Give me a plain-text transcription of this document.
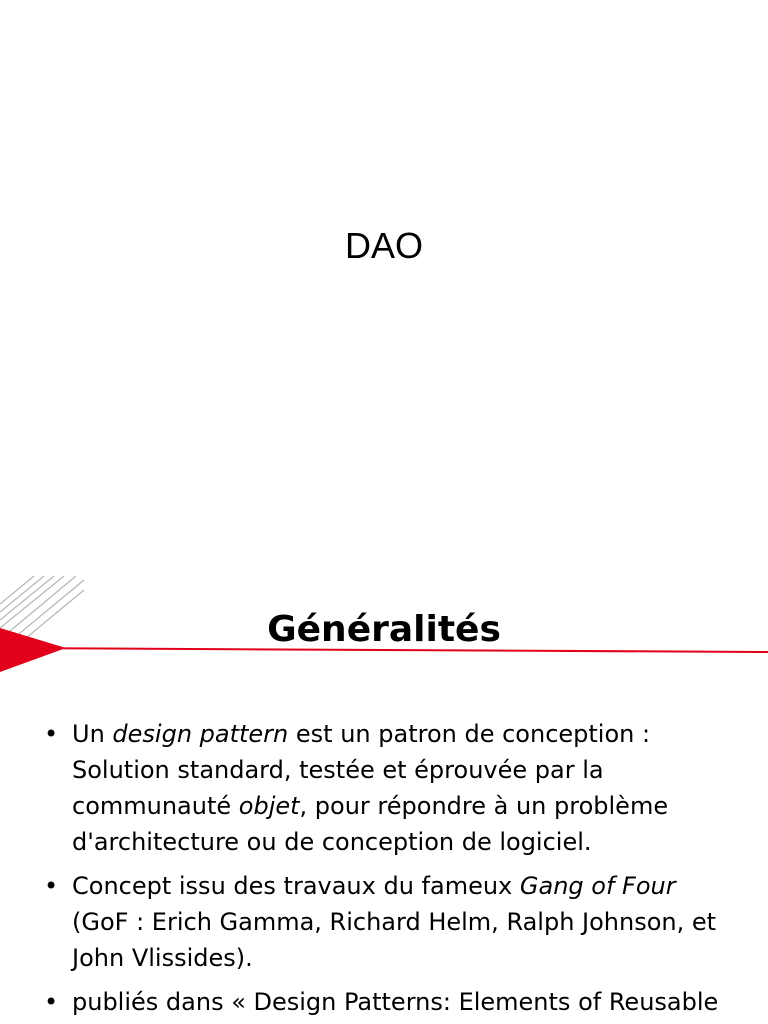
DAO
Généralités
• Un design pattern est un patron de conception : Solution standard, testée et éprouvée par la communauté objet, pour répondre à un problème d'architecture ou de conception de logiciel.
• Concept issu des travaux du fameux Gang of Four (GoF : Erich Gamma, Richard Helm, Ralph Johnson, et John Vlissides).
• publiés dans « Design Patterns: Elements of Reusable
